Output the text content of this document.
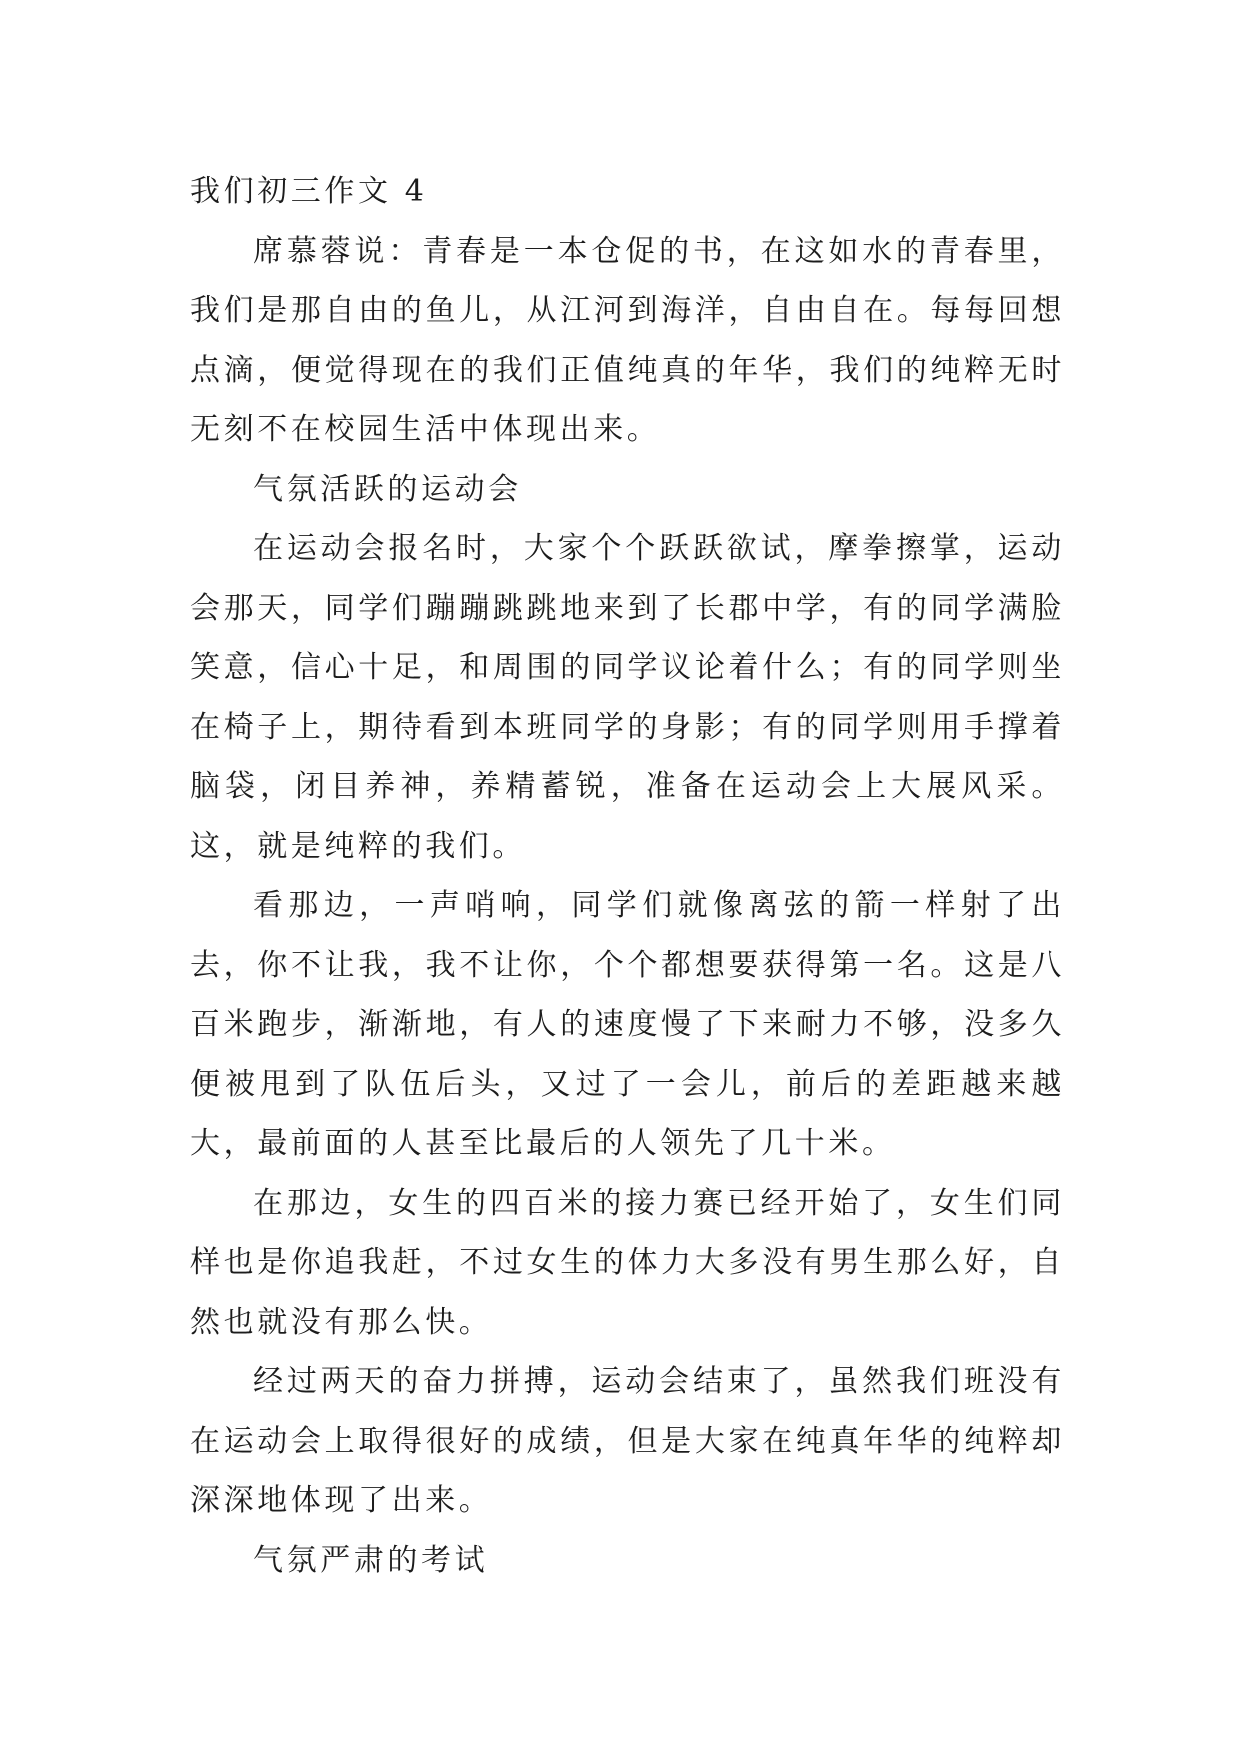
我们初三作文 4

席慕蓉说：青春是一本仓促的书，在这如水的青春里，我们是那自由的鱼儿，从江河到海洋，自由自在。每每回想点滴，便觉得现在的我们正值纯真的年华，我们的纯粹无时无刻不在校园生活中体现出来。

气氛活跃的运动会

在运动会报名时，大家个个跃跃欲试，摩拳擦掌，运动会那天，同学们蹦蹦跳跳地来到了长郡中学，有的同学满脸笑意，信心十足，和周围的同学议论着什么；有的同学则坐在椅子上，期待看到本班同学的身影；有的同学则用手撑着脑袋，闭目养神，养精蓄锐，准备在运动会上大展风采。这，就是纯粹的我们。

看那边，一声哨响，同学们就像离弦的箭一样射了出去，你不让我，我不让你，个个都想要获得第一名。这是八百米跑步，渐渐地，有人的速度慢了下来耐力不够，没多久便被甩到了队伍后头，又过了一会儿，前后的差距越来越大，最前面的人甚至比最后的人领先了几十米。

在那边，女生的四百米的接力赛已经开始了，女生们同样也是你追我赶，不过女生的体力大多没有男生那么好，自然也就没有那么快。

经过两天的奋力拼搏，运动会结束了，虽然我们班没有在运动会上取得很好的成绩，但是大家在纯真年华的纯粹却深深地体现了出来。

气氛严肃的考试
